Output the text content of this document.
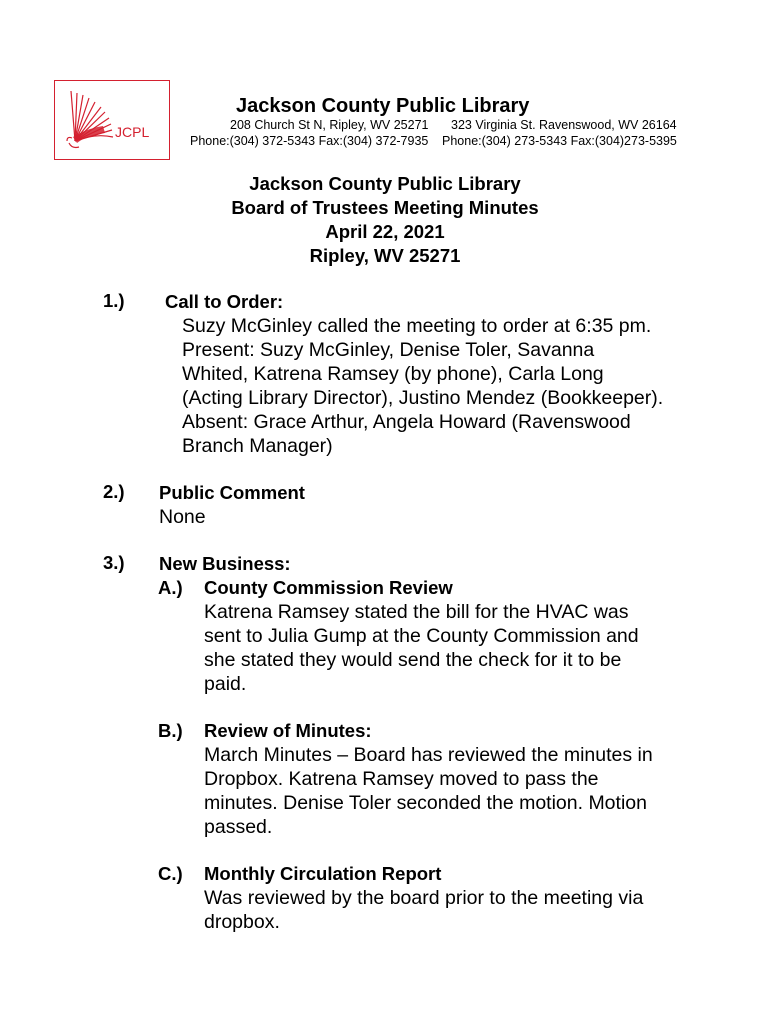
JCPL
Jackson County Public Library
208 Church St N, Ripley, WV 25271
Phone:(304) 372-5343 Fax:(304) 372-7935
323 Virginia St. Ravenswood, WV 26164
Phone:(304) 273-5343 Fax:(304)273-5395
Jackson County Public Library
Board of Trustees Meeting Minutes
April 22, 2021
Ripley, WV 25271
1.) Call to Order:
Suzy McGinley called the meeting to order at 6:35 pm.
Present: Suzy McGinley, Denise Toler, Savanna
Whited, Katrena Ramsey (by phone), Carla Long
(Acting Library Director), Justino Mendez (Bookkeeper).
Absent: Grace Arthur, Angela Howard (Ravenswood
Branch Manager)
2.) Public Comment
None
3.) New Business:
A.) County Commission Review
Katrena Ramsey stated the bill for the HVAC was
sent to Julia Gump at the County Commission and
she stated they would send the check for it to be
paid.
B.) Review of Minutes:
March Minutes – Board has reviewed the minutes in
Dropbox. Katrena Ramsey moved to pass the
minutes. Denise Toler seconded the motion. Motion
passed.
C.) Monthly Circulation Report
Was reviewed by the board prior to the meeting via
dropbox.
